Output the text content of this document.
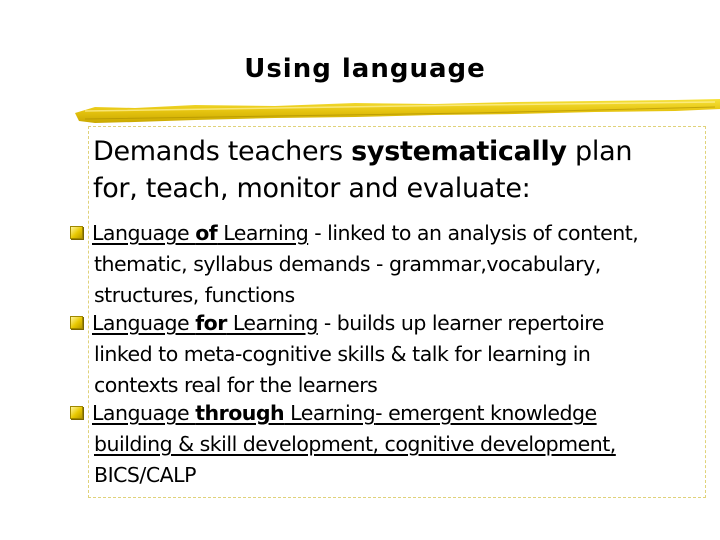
Using language
Demands teachers systematically plan
for, teach, monitor and evaluate:
Language of Learning - linked to an analysis of content,
thematic, syllabus demands - grammar,vocabulary,
structures, functions
Language for Learning - builds up learner repertoire
linked to meta-cognitive skills & talk for learning in
contexts real for the learners
Language through Learning- emergent knowledge
building & skill development, cognitive development,
BICS/CALP
